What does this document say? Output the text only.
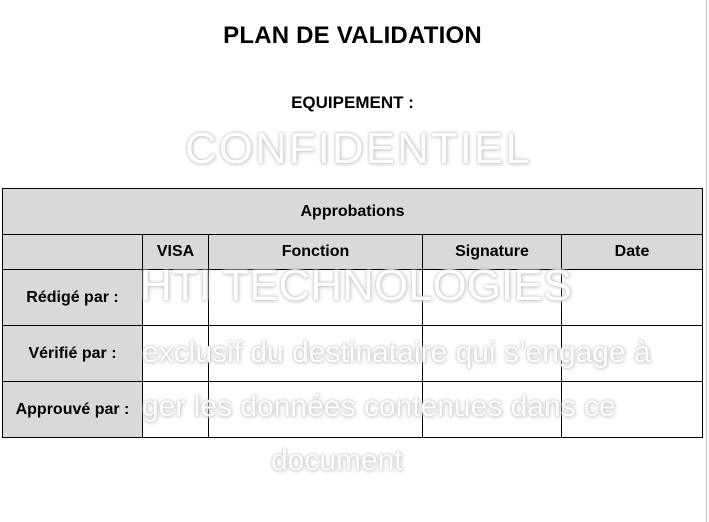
PLAN DE VALIDATION
EQUIPEMENT :
Approbations				
	VISA	Fonction	Signature	Date
Rédigé par :				
Vérifié par :				
Approuvé par :				
CONFIDENTIEL
HTI TECHNOLOGIES
exclusif du destinataire qui s’engage à
ger les données contenues dans ce
document
